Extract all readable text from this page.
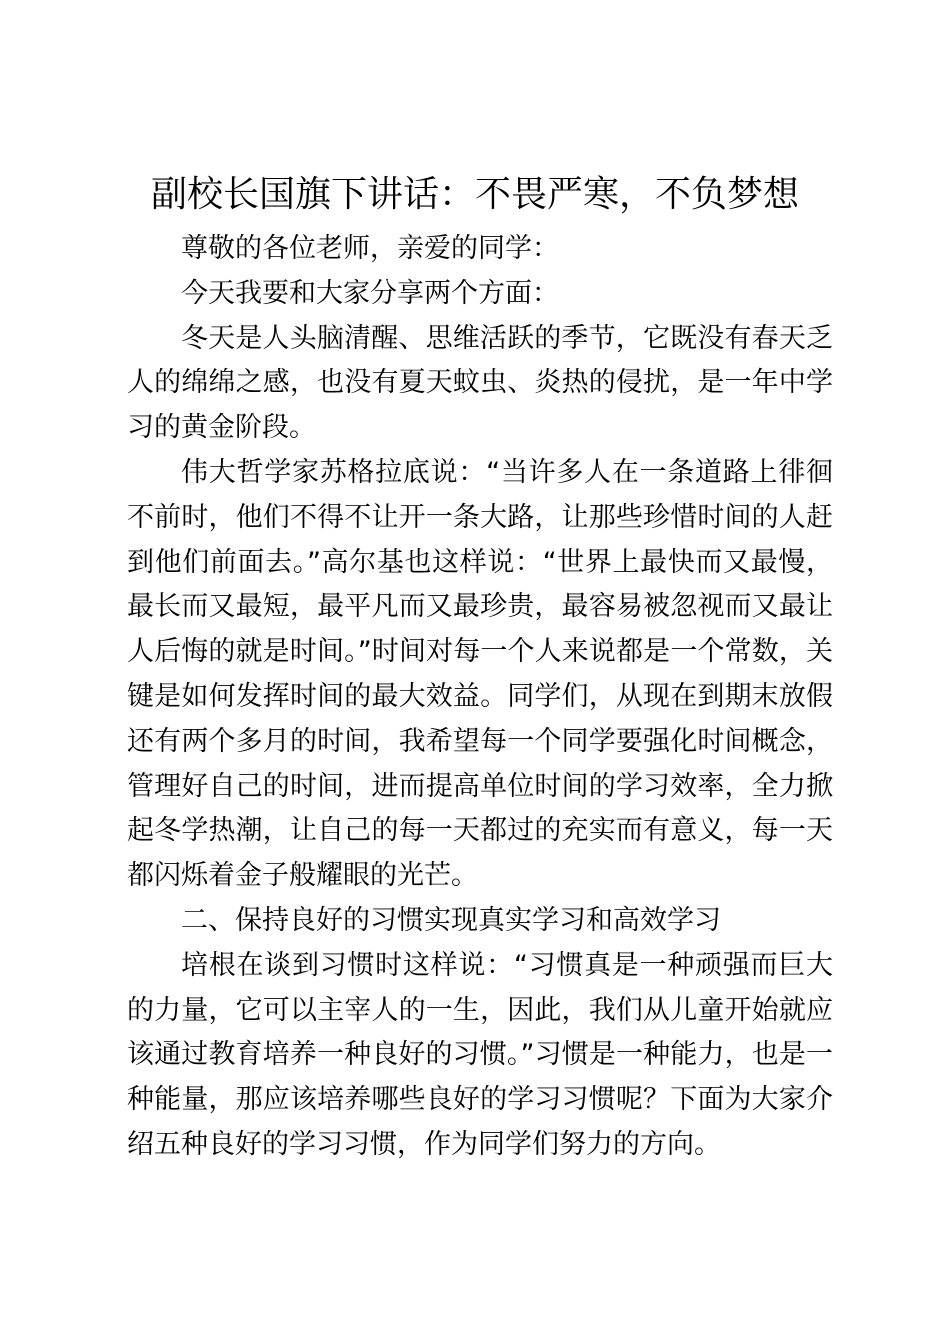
副校长国旗下讲话：不畏严寒，不负梦想

尊敬的各位老师，亲爱的同学：

今天我要和大家分享两个方面：

冬天是人头脑清醒、思维活跃的季节，它既没有春天乏人的绵绵之感，也没有夏天蚊虫、炎热的侵扰，是一年中学习的黄金阶段。

伟大哲学家苏格拉底说：“当许多人在一条道路上徘徊不前时，他们不得不让开一条大路，让那些珍惜时间的人赶到他们前面去。”高尔基也这样说：“世界上最快而又最慢，最长而又最短，最平凡而又最珍贵，最容易被忽视而又最让人后悔的就是时间。”时间对每一个人来说都是一个常数，关键是如何发挥时间的最大效益。同学们，从现在到期末放假还有两个多月的时间，我希望每一个同学要强化时间概念，管理好自己的时间，进而提高单位时间的学习效率，全力掀起冬学热潮，让自己的每一天都过的充实而有意义，每一天都闪烁着金子般耀眼的光芒。

二、保持良好的习惯实现真实学习和高效学习

培根在谈到习惯时这样说：“习惯真是一种顽强而巨大的力量，它可以主宰人的一生，因此，我们从儿童开始就应该通过教育培养一种良好的习惯。”习惯是一种能力，也是一种能量，那应该培养哪些良好的学习习惯呢？下面为大家介绍五种良好的学习习惯，作为同学们努力的方向。
